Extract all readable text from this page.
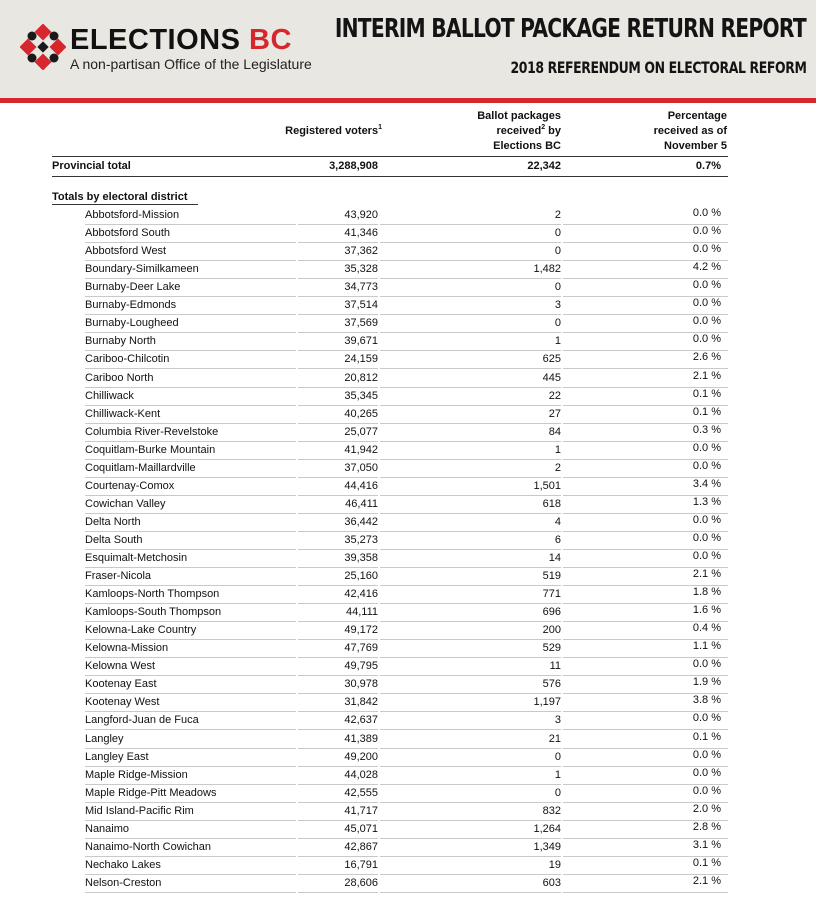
ELECTIONS BC
A non-partisan Office of the Legislature
INTERIM BALLOT PACKAGE RETURN REPORT
2018 REFERENDUM ON ELECTORAL REFORM
Registered voters$^1$
Ballot packages
received$^2$ by
Elections BC
Percentage
received as of
November 5
Provincial total	3,288,908	22,342	0.7%
Totals by electoral district
Abbotsford-Mission	43,920	2	0.0 %
Abbotsford South	41,346	0	0.0 %
Abbotsford West	37,362	0	0.0 %
Boundary-Similkameen	35,328	1,482	4.2 %
Burnaby-Deer Lake	34,773	0	0.0 %
Burnaby-Edmonds	37,514	3	0.0 %
Burnaby-Lougheed	37,569	0	0.0 %
Burnaby North	39,671	1	0.0 %
Cariboo-Chilcotin	24,159	625	2.6 %
Cariboo North	20,812	445	2.1 %
Chilliwack	35,345	22	0.1 %
Chilliwack-Kent	40,265	27	0.1 %
Columbia River-Revelstoke	25,077	84	0.3 %
Coquitlam-Burke Mountain	41,942	1	0.0 %
Coquitlam-Maillardville	37,050	2	0.0 %
Courtenay-Comox	44,416	1,501	3.4 %
Cowichan Valley	46,411	618	1.3 %
Delta North	36,442	4	0.0 %
Delta South	35,273	6	0.0 %
Esquimalt-Metchosin	39,358	14	0.0 %
Fraser-Nicola	25,160	519	2.1 %
Kamloops-North Thompson	42,416	771	1.8 %
Kamloops-South Thompson	44,111	696	1.6 %
Kelowna-Lake Country	49,172	200	0.4 %
Kelowna-Mission	47,769	529	1.1 %
Kelowna West	49,795	11	0.0 %
Kootenay East	30,978	576	1.9 %
Kootenay West	31,842	1,197	3.8 %
Langford-Juan de Fuca	42,637	3	0.0 %
Langley	41,389	21	0.1 %
Langley East	49,200	0	0.0 %
Maple Ridge-Mission	44,028	1	0.0 %
Maple Ridge-Pitt Meadows	42,555	0	0.0 %
Mid Island-Pacific Rim	41,717	832	2.0 %
Nanaimo	45,071	1,264	2.8 %
Nanaimo-North Cowichan	42,867	1,349	3.1 %
Nechako Lakes	16,791	19	0.1 %
Nelson-Creston	28,606	603	2.1 %
